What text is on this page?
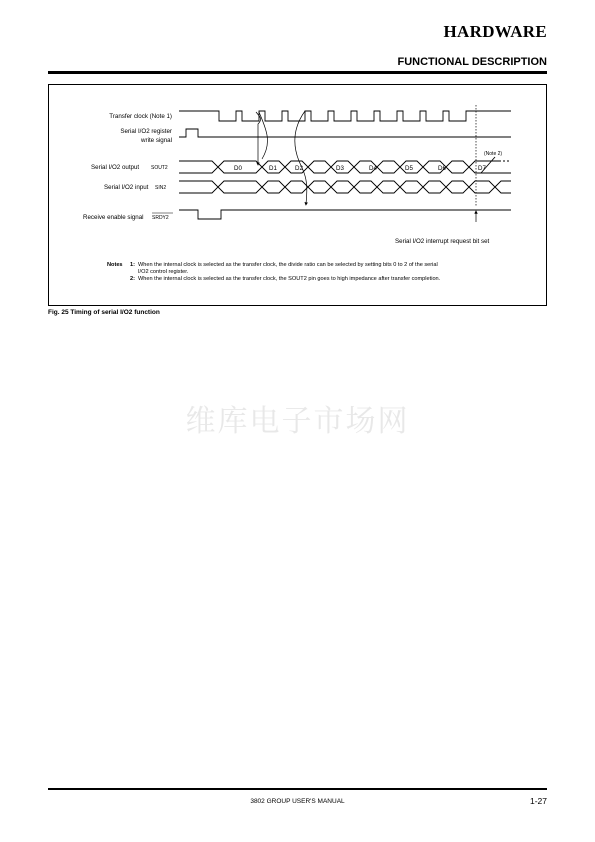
HARDWARE
FUNCTIONAL DESCRIPTION
Transfer clock (Note 1)
Serial I/O2 register
write signal
Serial I/O2 output SOUT2
Serial I/O2 input SIN2
Receive enable signal SRDY2
D0	D1	D2	D3	D4	D5	D6	D7
(Note 2)
Serial I/O2 interrupt request bit set
Notes 1: When the internal clock is selected as the transfer clock, the divide ratio can be selected by setting bits 0 to 2 of the serial
I/O2 control register.
2: When the internal clock is selected as the transfer clock, the SOUT2 pin goes to high impedance after transfer completion.
Fig. 25 Timing of serial I/O2 function
维库电子市场网
3802 GROUP USER'S MANUAL	1-27
